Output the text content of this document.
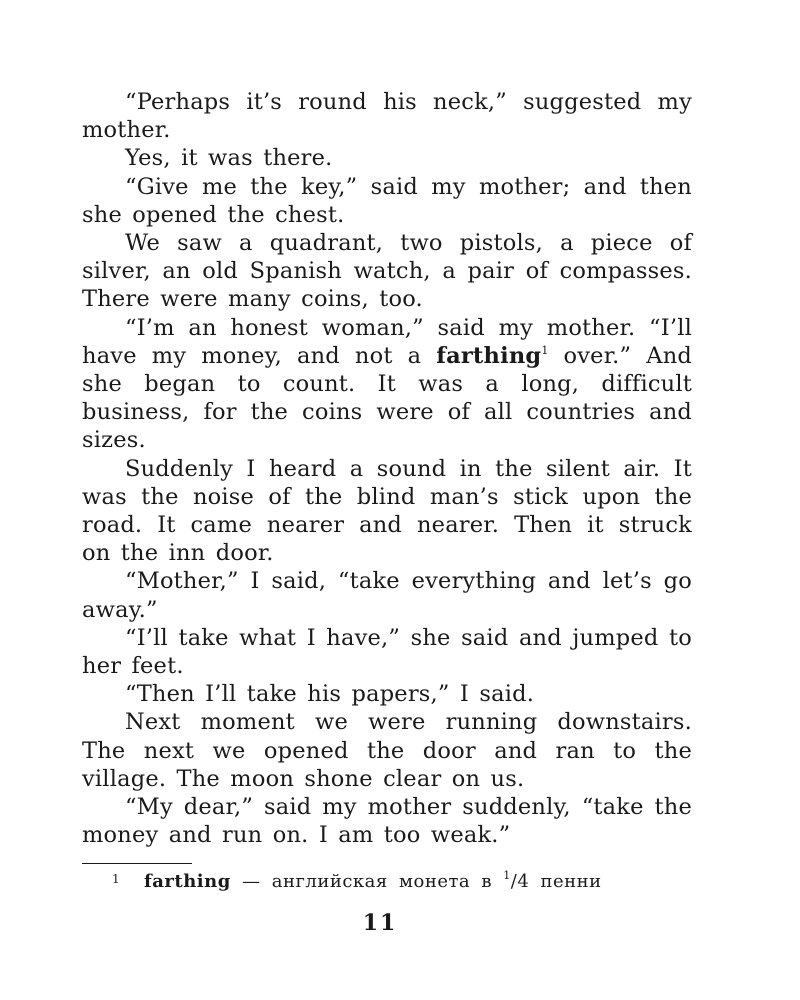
“Perhaps it’s round his neck,” suggested my mother.

Yes, it was there.

“Give me the key,” said my mother; and then she opened the chest.

We saw a quadrant, two pistols, a piece of silver, an old Spanish watch, a pair of compasses. There were many coins, too.

“I’m an honest woman,” said my mother. “I’ll have my money, and not a farthing$^1$ over.” And she began to count. It was a long, difficult business, for the coins were of all countries and sizes.

Suddenly I heard a sound in the silent air. It was the noise of the blind man’s stick upon the road. It came nearer and nearer. Then it struck on the inn door.

“Mother,” I said, “take everything and let’s go away.”

“I’ll take what I have,” she said and jumped to her feet.

“Then I’ll take his papers,” I said.

Next moment we were running downstairs. The next we opened the door and ran to the village. The moon shone clear on us.

“My dear,” said my mother suddenly, “take the money and run on. I am too weak.”

1 farthing — английская монета в $^1$/4 пенни
11
